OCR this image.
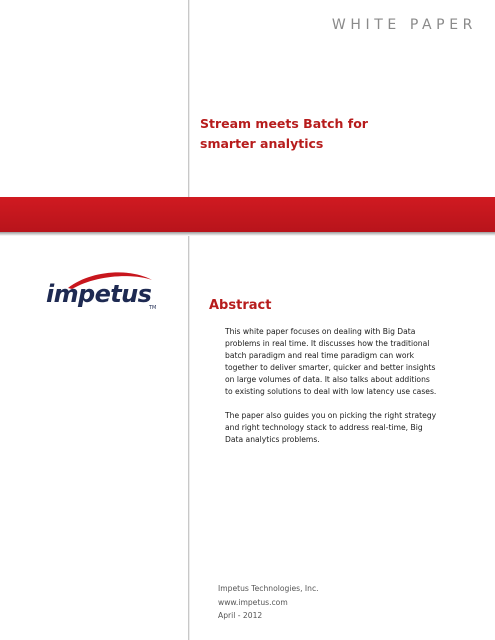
WHITE PAPER
Stream meets Batch for
smarter analytics
impetus
TM	Abstract
This white paper focuses on dealing with Big Data
problems in real time. It discusses how the traditional
batch paradigm and real time paradigm can work
together to deliver smarter, quicker and better insights
on large volumes of data. It also talks about additions
to existing solutions to deal with low latency use cases.
The paper also guides you on picking the right strategy
and right technology stack to address real-time, Big
Data analytics problems.
Impetus Technologies, Inc.
www.impetus.com
April - 2012
